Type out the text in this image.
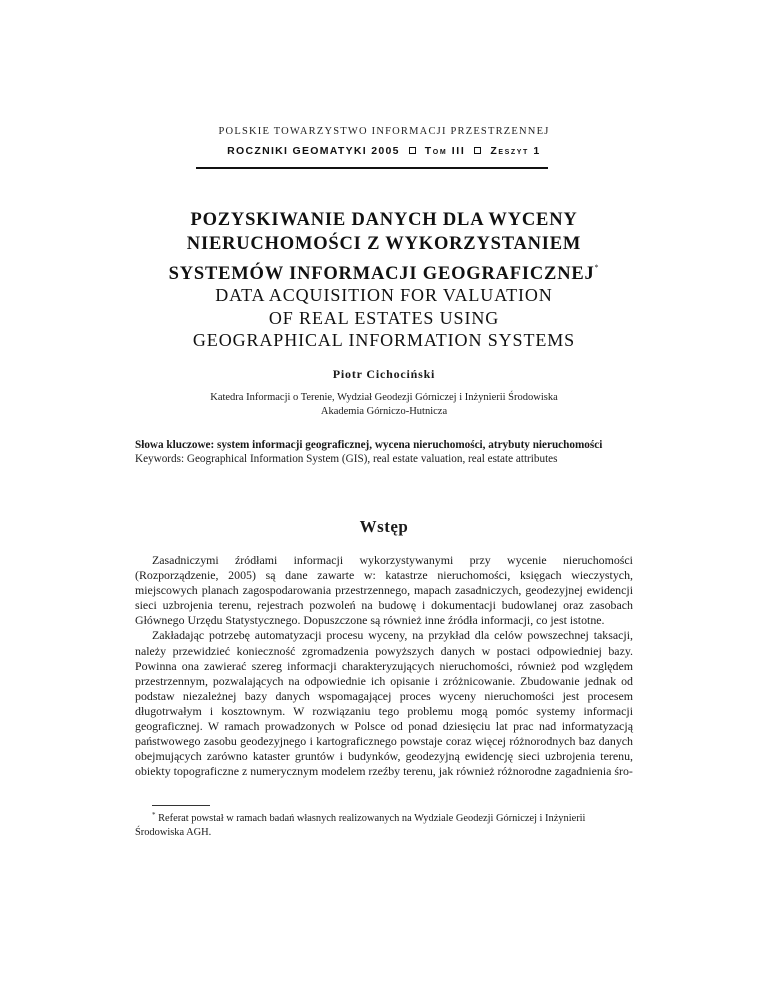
POLSKIE TOWARZYSTWO INFORMACJI PRZESTRZENNEJ
ROCZNIKI GEOMATYKI 2005 Tom III Zeszyt 1
POZYSKIWANIE DANYCH DLA WYCENY
NIERUCHOMOŚCI Z WYKORZYSTANIEM
SYSTEMÓW INFORMACJI GEOGRAFICZNEJ*
DATA ACQUISITION FOR VALUATION
OF REAL ESTATES USING
GEOGRAPHICAL INFORMATION SYSTEMS
Piotr Cichociński
Katedra Informacji o Terenie, Wydział Geodezji Górniczej i Inżynierii Środowiska
Akademia Górniczo-Hutnicza
Słowa kluczowe: system informacji geograficznej, wycena nieruchomości, atrybuty nieruchomości
Keywords: Geographical Information System (GIS), real estate valuation, real estate attributes
Wstęp

Zasadniczymi źródłami informacji wykorzystywanymi przy wycenie nieruchomości (Rozporządzenie, 2005) są dane zawarte w: katastrze nieruchomości, księgach wieczystych, miejscowych planach zagospodarowania przestrzennego, mapach zasadniczych, geodezyjnej ewidencji sieci uzbrojenia terenu, rejestrach pozwoleń na budowę i dokumentacji budowlanej oraz zasobach Głównego Urzędu Statystycznego. Dopuszczone są również inne źródła informacji, co jest istotne.

Zakładając potrzebę automatyzacji procesu wyceny, na przykład dla celów powszechnej taksacji, należy przewidzieć konieczność zgromadzenia powyższych danych w postaci odpowiedniej bazy. Powinna ona zawierać szereg informacji charakteryzujących nieruchomości, również pod względem przestrzennym, pozwalających na odpowiednie ich opisanie i zróżnicowanie. Zbudowanie jednak od podstaw niezależnej bazy danych wspomagającej proces wyceny nieruchomości jest procesem długotrwałym i kosztownym. W rozwiązaniu tego problemu mogą pomóc systemy informacji geograficznej. W ramach prowadzonych w Polsce od ponad dziesięciu lat prac nad informatyzacją państwowego zasobu geodezyjnego i kartograficznego powstaje coraz więcej różnorodnych baz danych obejmujących zarówno kataster gruntów i budynków, geodezyjną ewidencję sieci uzbrojenia terenu, obiekty topograficzne z numerycznym modelem rzeźby terenu, jak również różnorodne zagadnienia śro-

* Referat powstał w ramach badań własnych realizowanych na Wydziale Geodezji Górniczej i Inżynierii Środowiska AGH.
